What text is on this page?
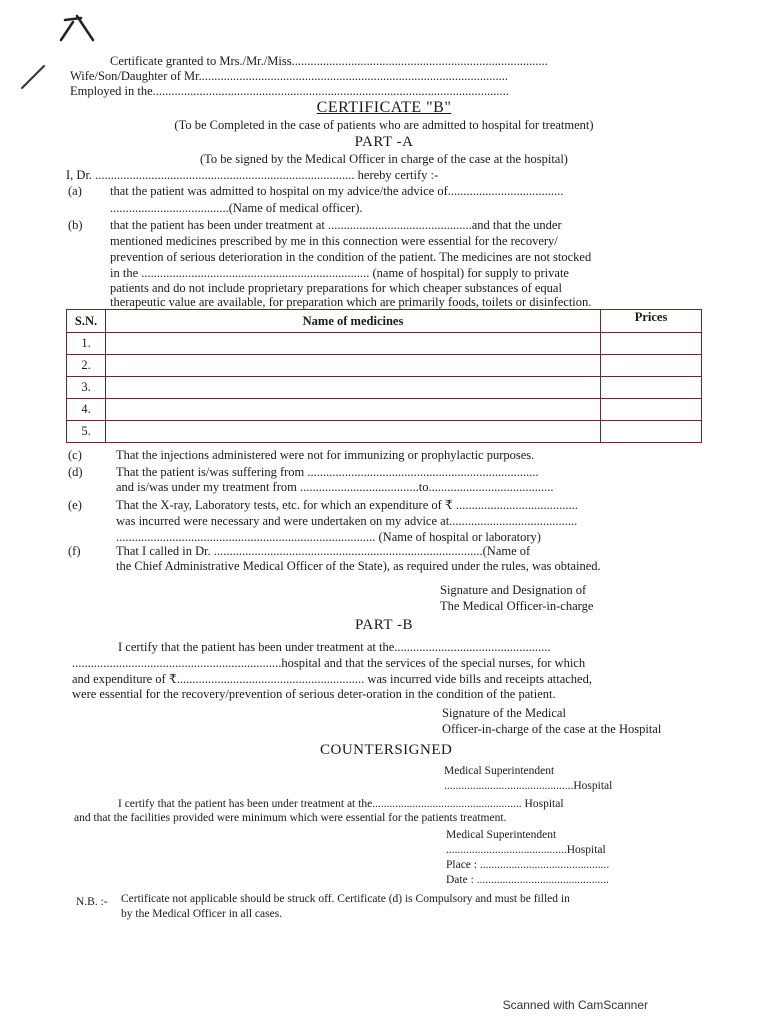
Certificate granted to Mrs./Mr./Miss..................................................................................
Wife/Son/Daughter of Mr...................................................................................................
Employed in the..................................................................................................................
CERTIFICATE "B"
(To be Completed in the case of patients who are admitted to hospital for treatment)
PART -A
(To be signed by the Medical Officer in charge of the case at the hospital)
I, Dr. ................................................................................... hereby certify :-
(a) that the patient was admitted to hospital on my advice/the advice of.....................................
......................................(Name of medical officer).
(b) that the patient has been under treatment at ..............................................and that the under
mentioned medicines prescribed by me in this connection were essential for the recovery/
prevention of serious deterioration in the condition of the patient. The medicines are not stocked
in the ......................................................................... (name of hospital) for supply to private
patients and do not include proprietary preparations for which cheaper substances of equal
therapeutic value are available, for preparation which are primarily foods, toilets or disinfection.
S.N.	Name of medicines	Prices
1.		
2.		
3.		
4.		
5.		
(c)	That the injections administered were not for immunizing or prophylactic purposes.
(d)	That the patient is/was suffering from ..........................................................................
and is/was under my treatment from ......................................to........................................
(e)	That the X-ray, Laboratory tests, etc. for which an expenditure of ₹ .......................................
was incurred were necessary and were undertaken on my advice at.........................................
................................................................................... (Name of hospital or laboratory)
(f)	That I called in Dr. ......................................................................................(Name of
the Chief Administrative Medical Officer of the State), as required under the rules, was obtained.
Signature and Designation of
The Medical Officer-in-charge
PART -B
I certify that the patient has been under treatment at the..................................................
...................................................................hospital and that the services of the special nurses, for which
and expenditure of ₹............................................................ was incurred vide bills and receipts attached,
were essential for the recovery/prevention of serious deter-oration in the condition of the patient.
Signature of the Medical
Officer-in-charge of the case at the Hospital
COUNTERSIGNED
Medical Superintendent
.............................................Hospital
I certify that the patient has been under treatment at the.................................................... Hospital
and that the facilities provided were minimum which were essential for the patients treatment.
Medical Superintendent
..........................................Hospital
Place : .............................................
Date : ..............................................
N.B. :- Certificate not applicable should be struck off. Certificate (d) is Compulsory and must be filled in
by the Medical Officer in all cases.
Scanned with CamScanner
